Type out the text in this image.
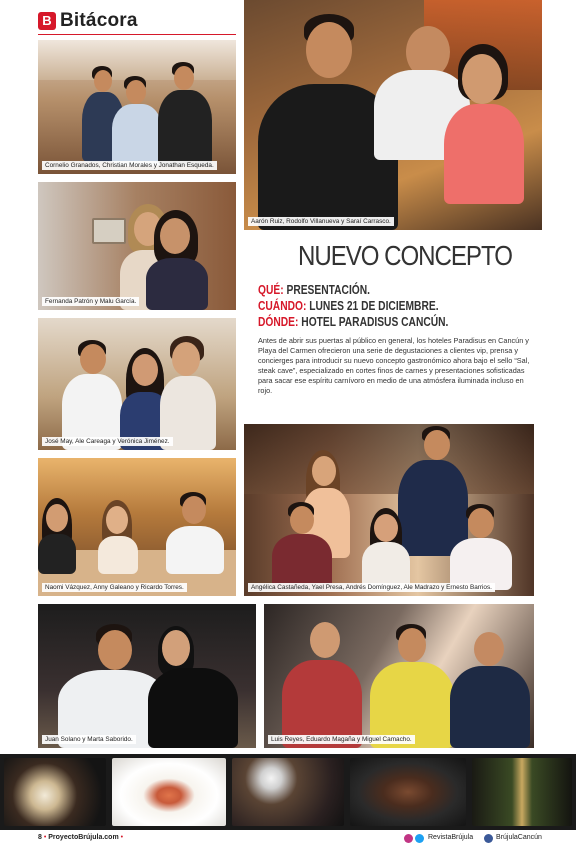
B Bitácora
Cornelio Granados, Christian Morales y Jonathan Esqueda.
Aarón Ruiz, Rodolfo Villanueva y Saraí Carrasco.
Fernanda Patrón y Malu García.
José May, Ale Careaga y Verónica Jiménez.
Naomi Vázquez, Anny Galeano y Ricardo Torres.
NUEVO CONCEPTO
QUÉ: PRESENTACIÓN.
CUÁNDO: LUNES 21 DE DICIEMBRE.
DÓNDE: HOTEL PARADISUS CANCÚN.
Antes de abrir sus puertas al público en general, los hoteles Paradisus en Cancún y Playa del Carmen ofrecieron una serie de degustaciones a clientes vip, prensa y concierges para introducir su nuevo concepto gastronómico ahora bajo el sello “Sal, steak cave”, especializado en cortes finos de carnes y presentaciones sofisticadas para sacar ese espíritu carnívoro en medio de una atmósfera iluminada incluso en rojo.
Angélica Castañeda, Yael Presa, Andrés Domínguez, Ale Madrazo y Ernesto Barrios.
Juan Solano y Marta Saborido.	Luis Reyes, Eduardo Magaña y Miguel Camacho.
8 • ProyectoBrújula.com •	RevistaBrújula	BrújulaCancún
